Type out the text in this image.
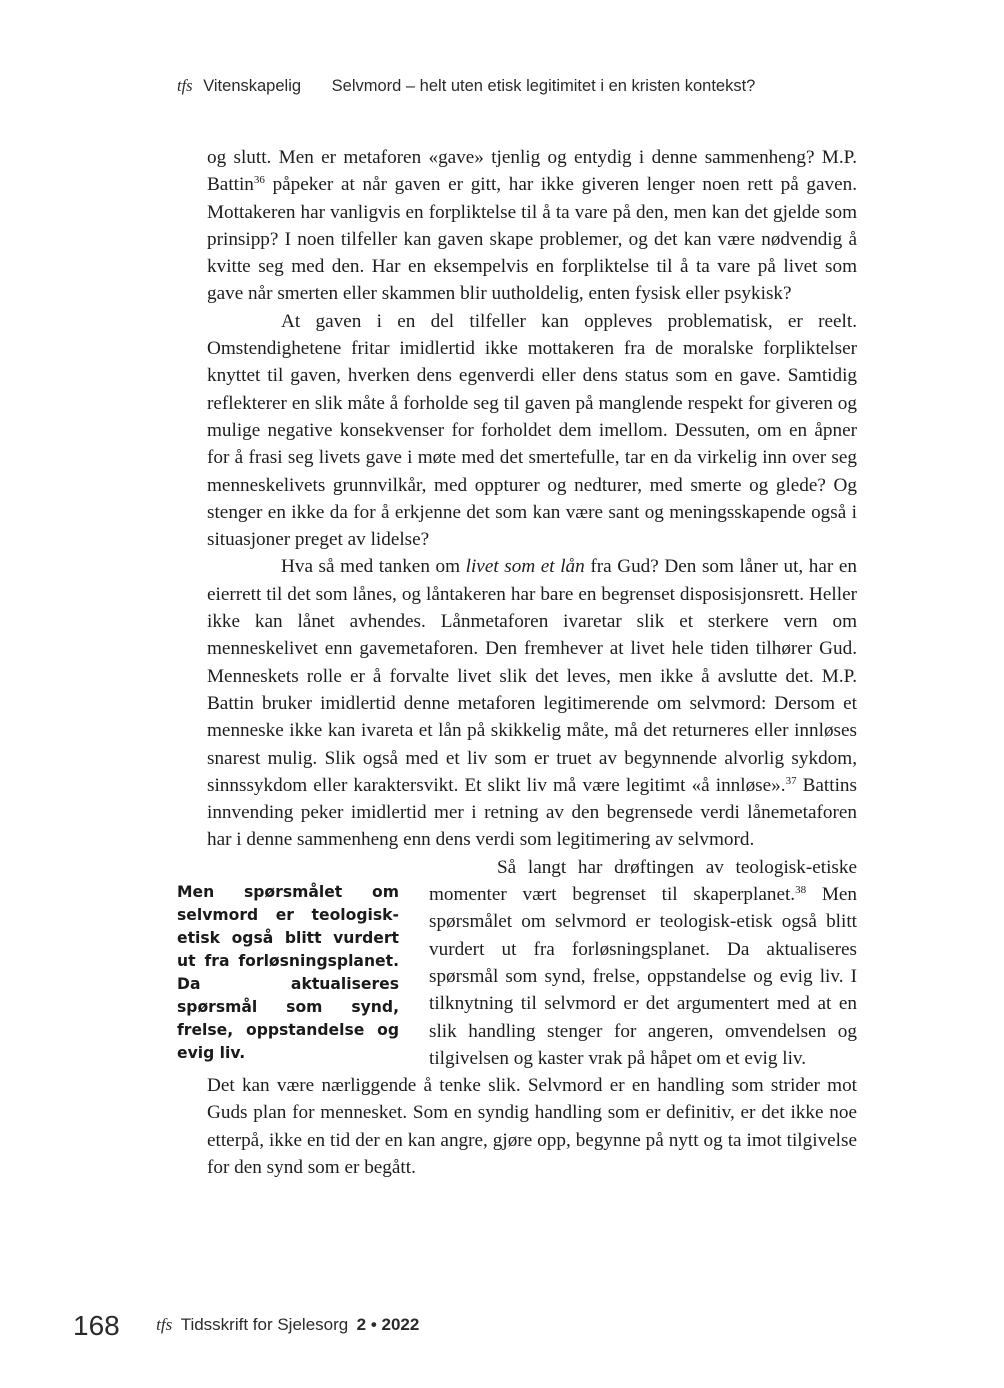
tfs Vitenskapelig Selvmord – helt uten etisk legitimitet i en kristen kontekst?

og slutt. Men er metaforen «gave» tjenlig og entydig i denne sammenheng? M.P. Battin$^{36}$ påpeker at når gaven er gitt, har ikke giveren lenger noen rett på gaven. Mottakeren har vanligvis en forpliktelse til å ta vare på den, men kan det gjelde som prinsipp? I noen tilfeller kan gaven skape problemer, og det kan være nødvendig å kvitte seg med den. Har en eksempelvis en forpliktelse til å ta vare på livet som gave når smerten eller skammen blir uutholdelig, enten fysisk eller psykisk?

At gaven i en del tilfeller kan oppleves problematisk, er reelt. Omstendighetene fritar imidlertid ikke mottakeren fra de moralske forpliktelser knyttet til gaven, hverken dens egenverdi eller dens status som en gave. Samtidig reflekterer en slik måte å forholde seg til gaven på manglende respekt for giveren og mulige negative konsekvenser for forholdet dem imellom. Dessuten, om en åpner for å frasi seg livets gave i møte med det smertefulle, tar en da virkelig inn over seg menneskelivets grunnvilkår, med oppturer og nedturer, med smerte og glede? Og stenger en ikke da for å erkjenne det som kan være sant og meningsskapende også i situasjoner preget av lidelse?

Hva så med tanken om livet som et lån fra Gud? Den som låner ut, har en eierrett til det som lånes, og låntakeren har bare en begrenset disposisjonsrett. Heller ikke kan lånet avhendes. Lånmetaforen ivaretar slik et sterkere vern om menneskelivet enn gavemetaforen. Den fremhever at livet hele tiden tilhører Gud. Menneskets rolle er å forvalte livet slik det leves, men ikke å avslutte det. M.P. Battin bruker imidlertid denne metaforen legitimerende om selvmord: Dersom et menneske ikke kan ivareta et lån på skikkelig måte, må det returneres eller innløses snarest mulig. Slik også med et liv som er truet av begynnende alvorlig sykdom, sinnssykdom eller karaktersvikt. Et slikt liv må være legitimt «å innløse».$^{37}$ Battins innvending peker imidlertid mer i retning av den begrensede verdi lånemetaforen har i denne sammenheng enn dens verdi som legitimering av selvmord.

Men spørsmålet om selvmord er teologisk-etisk også blitt vurdert ut fra forløsningsplanet. Da aktualiseres spørsmål som synd, frelse, oppstandelse og evig liv.

Så langt har drøftingen av teologisk-etiske momenter vært begrenset til skaperplanet.$^{38}$ Men spørsmålet om selvmord er teologisk-etisk også blitt vurdert ut fra forløsningsplanet. Da aktualiseres spørsmål som synd, frelse, oppstandelse og evig liv. I tilknytning til selvmord er det argumentert med at en slik handling stenger for angeren, omvendelsen og tilgivelsen og kaster vrak på håpet om et evig liv.

Det kan være nærliggende å tenke slik. Selvmord er en handling som strider mot Guds plan for mennesket. Som en syndig handling som er definitiv, er det ikke noe etterpå, ikke en tid der en kan angre, gjøre opp, begynne på nytt og ta imot tilgivelse for den synd som er begått.

168 tfs Tidsskrift for Sjelesorg 2 • 2022
